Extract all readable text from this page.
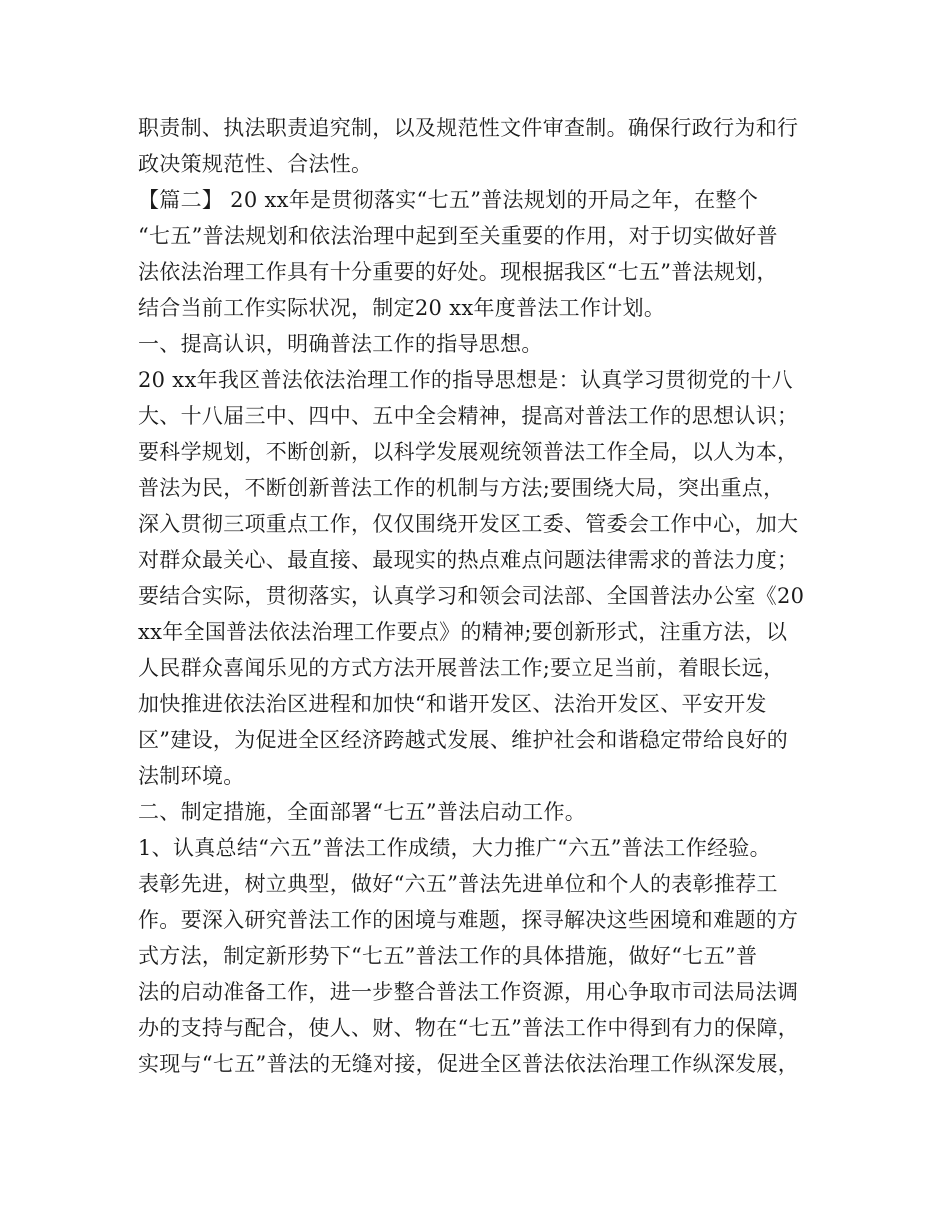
职责制、执法职责追究制，以及规范性文件审查制。确保行政行为和行
政决策规范性、合法性。
【篇二】 20 xx年是贯彻落实“七五”普法规划的开局之年，在整个
“七五”普法规划和依法治理中起到至关重要的作用，对于切实做好普
法依法治理工作具有十分重要的好处。现根据我区“七五”普法规划，
结合当前工作实际状况，制定20 xx年度普法工作计划。
一、提高认识，明确普法工作的指导思想。
20 xx年我区普法依法治理工作的指导思想是：认真学习贯彻党的十八
大、十八届三中、四中、五中全会精神，提高对普法工作的思想认识；
要科学规划，不断创新，以科学发展观统领普法工作全局，以人为本，
普法为民，不断创新普法工作的机制与方法;要围绕大局，突出重点，
深入贯彻三项重点工作，仅仅围绕开发区工委、管委会工作中心，加大
对群众最关心、最直接、最现实的热点难点问题法律需求的普法力度；
要结合实际，贯彻落实，认真学习和领会司法部、全国普法办公室《20
xx年全国普法依法治理工作要点》的精神;要创新形式，注重方法，以
人民群众喜闻乐见的方式方法开展普法工作;要立足当前，着眼长远，
加快推进依法治区进程和加快“和谐开发区、法治开发区、平安开发
区”建设，为促进全区经济跨越式发展、维护社会和谐稳定带给良好的
法制环境。
二、制定措施，全面部署“七五”普法启动工作。
1、认真总结“六五”普法工作成绩，大力推广“六五”普法工作经验。
表彰先进，树立典型，做好“六五”普法先进单位和个人的表彰推荐工
作。要深入研究普法工作的困境与难题，探寻解决这些困境和难题的方
式方法，制定新形势下“七五”普法工作的具体措施，做好“七五”普
法的启动准备工作，进一步整合普法工作资源，用心争取市司法局法调
办的支持与配合，使人、财、物在“七五”普法工作中得到有力的保障，
实现与“七五”普法的无缝对接，促进全区普法依法治理工作纵深发展，
